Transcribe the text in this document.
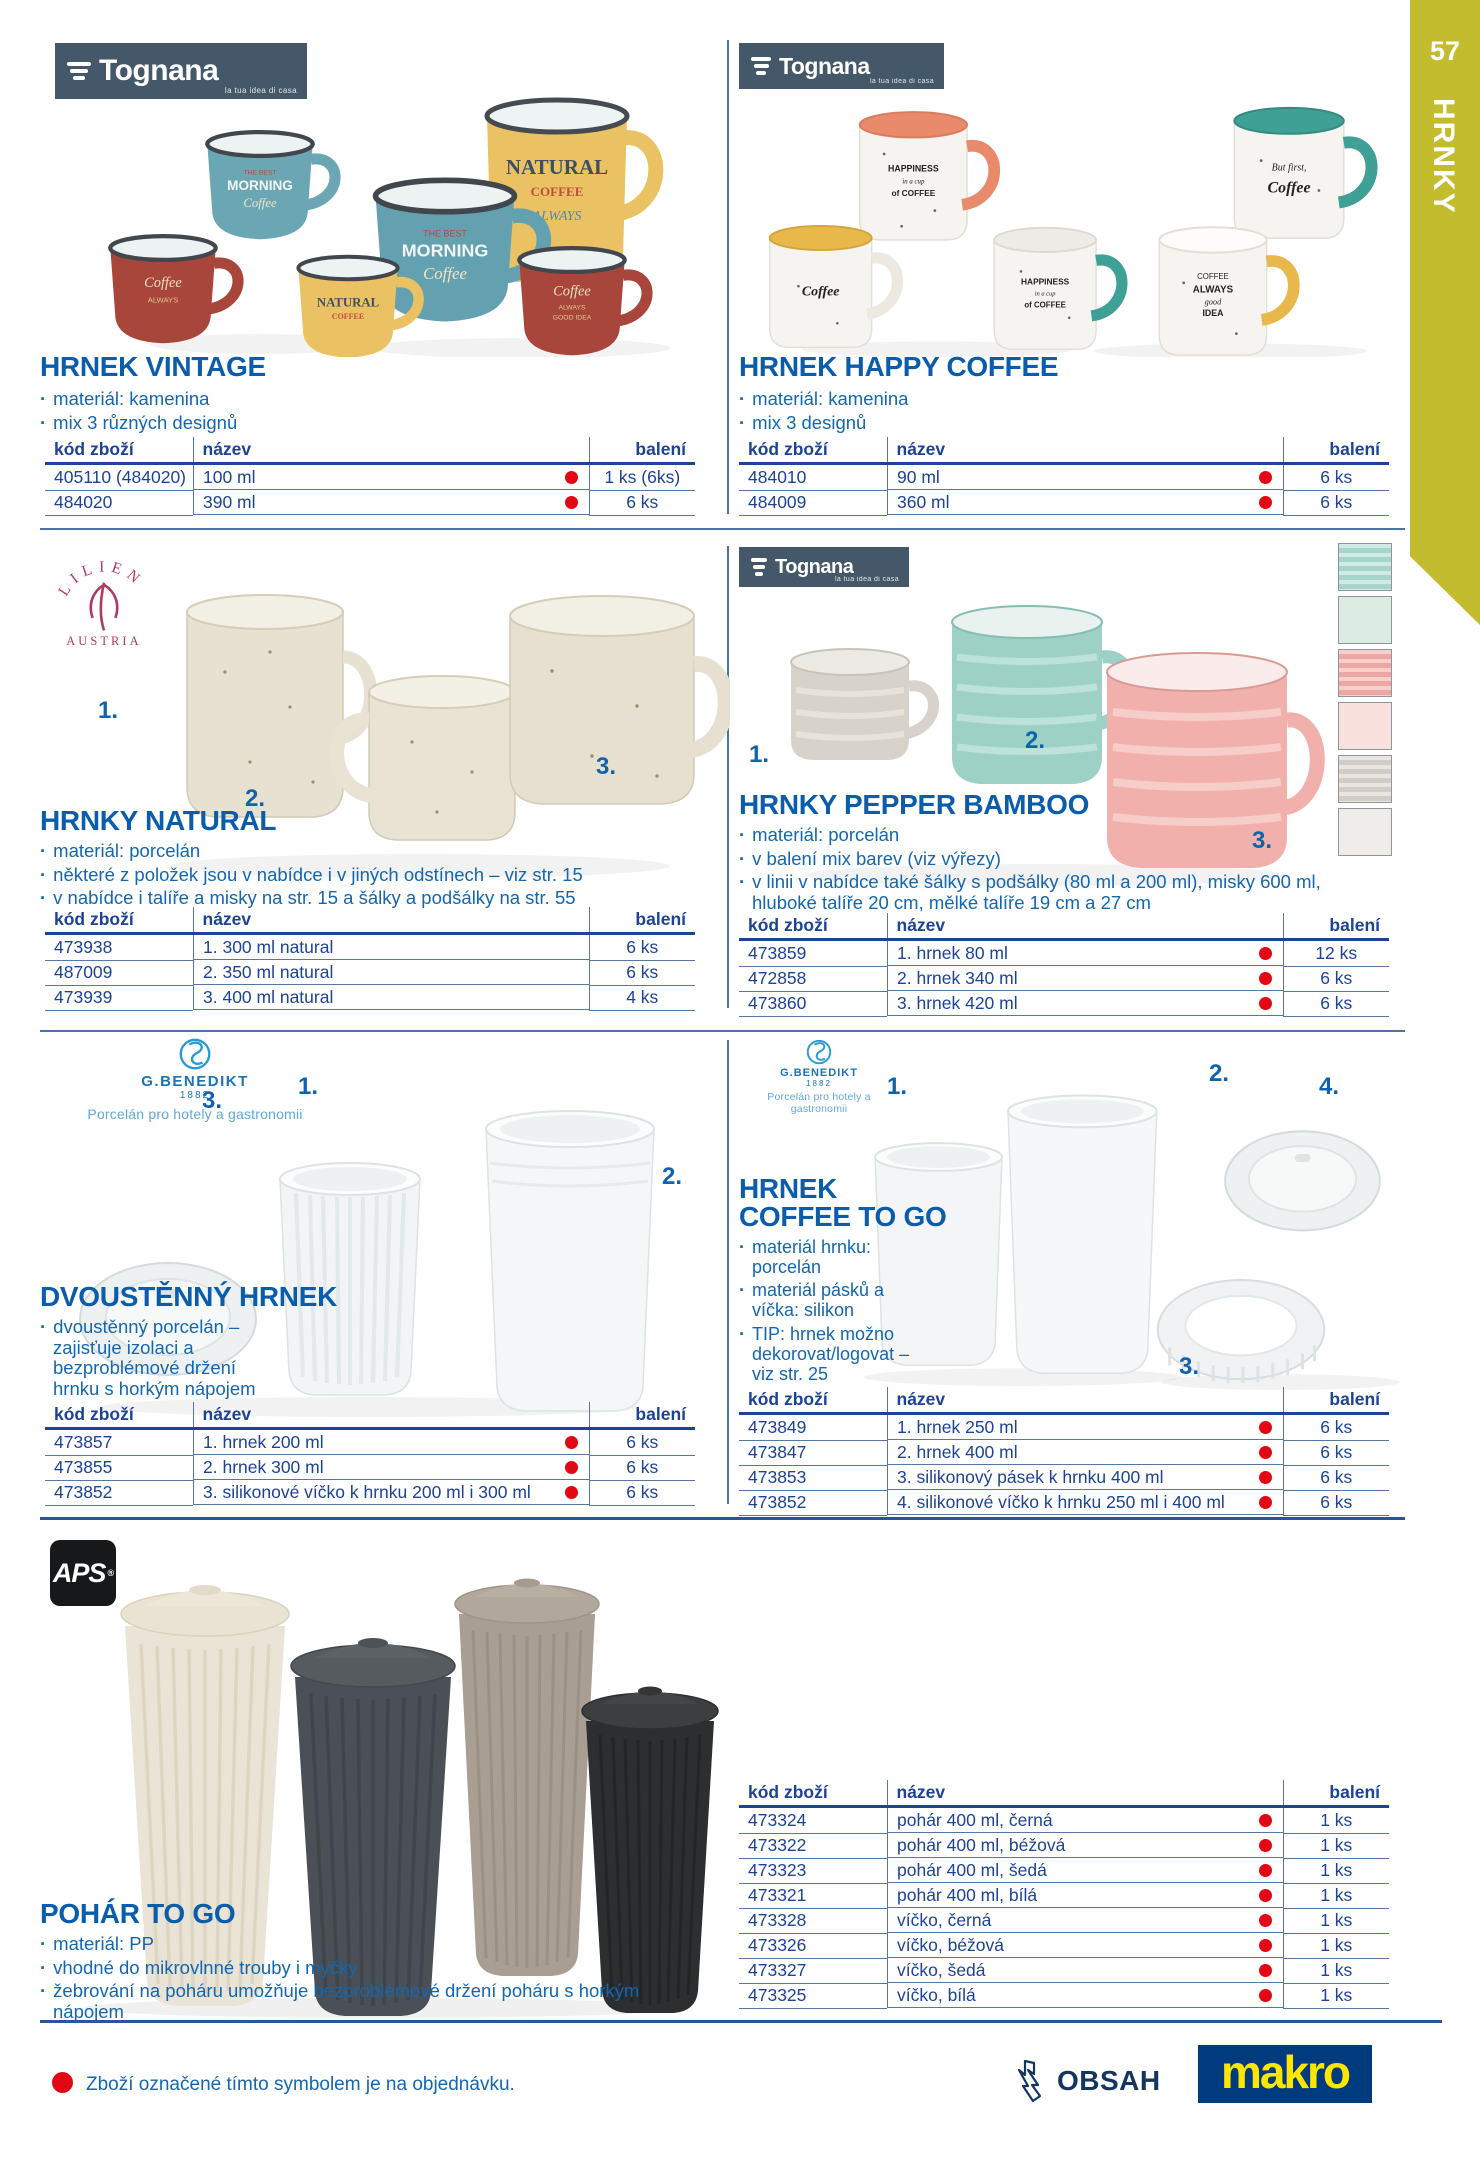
57
HRNKY
Tognana
la tua idea di casa
NATURAL
COFFEE
ALWAYS
THE BEST
MORNING
Coffee
THE BEST
MORNING
Coffee
Coffee
ALWAYS	NATURAL
COFFEE
Coffee
ALWAYS
GOOD IDEA
HRNEK VINTAGE
· materiál: kamenina
· mix 3 různých designů
kód zboží	název	balení
405110 (484020)	100 ml	1 ks (6ks)
484020		390 ml	6 ks
Tognana
la tua idea di casa
HAPPINESS
in a cup
of COFFEE
But first,
Coffee
Coffee
HAPPINESS
in a cup
of COFFEE
COFFEE
ALWAYS
good
IDEA
HRNEK HAPPY COFFEE
· materiál: kamenina
· mix 3 designů
kód zboží	název	balení
484010		90 ml	6 ks
484009		360 ml	6 ks
LILIEN
AUSTRIA
1.
2.
3.
HRNKY NATURAL
· materiál: porcelán
· některé z položek jsou v nabídce i v jiných odstínech – viz str. 15
· v nabídce i talíře a misky na str. 15 a šálky a podšálky na str. 55
kód zboží	název	balení
473938		1. 300 ml natural	6 ks
487009		2. 350 ml natural	6 ks
473939		3. 400 ml natural	4 ks
Tognana
la tua idea di casa
1.
2.
3.
HRNKY PEPPER BAMBOO
· materiál: porcelán
· v balení mix barev (viz výřezy)
· v linii v nabídce také šálky s podšálky (80 ml a 200 ml), misky 600 ml, hluboké talíře 20 cm, mělké talíře 19 cm a 27 cm
kód zboží	název	balení
473859		1. hrnek 80 ml	12 ks
472858		2. hrnek 340 ml	6 ks
473860		3. hrnek 420 ml	6 ks
G.BENEDIKT
1882
Porcelán pro hotely a gastronomii
3.
1.
2.
DVOUSTĚNNÝ HRNEK
· dvoustěnný porcelán – zajisťuje izolaci a bezproblémové držení hrnku s horkým nápojem
kód zboží	název	balení
473857		1. hrnek 200 ml	6 ks
473855		2. hrnek 300 ml	6 ks
473852		3. silikonové víčko k hrnku 200 ml i 300 ml	6 ks
G.BENEDIKT
1882
Porcelán pro hotely a gastronomii
1.	2.	4.
3.
HRNEK
COFFEE TO GO
· materiál hrnku: porcelán
· materiál pásků a víčka: silikon
· TIP: hrnek možno dekorovat/logovat – viz str. 25
kód zboží	název	balení
473849		1. hrnek 250 ml	6 ks
473847		2. hrnek 400 ml	6 ks
473853		3. silikonový pásek k hrnku 400 ml	6 ks
473852		4. silikonové víčko k hrnku 250 ml i 400 ml	6 ks
APS ®
POHÁR TO GO
· materiál: PP
· vhodné do mikrovlnné trouby i myčky
· žebrování na poháru umožňuje bezproblémové držení poháru s horkým nápojem
kód zboží	název	balení
473324		pohár 400 ml, černá	1 ks
473322		pohár 400 ml, béžová	1 ks
473323		pohár 400 ml, šedá	1 ks
473321		pohár 400 ml, bílá	1 ks
473328		víčko, černá	1 ks
473326		víčko, béžová	1 ks
473327		víčko, šedá	1 ks
473325		víčko, bílá	1 ks
Zboží označené tímto symbolem je na objednávku.	OBSAH makro
